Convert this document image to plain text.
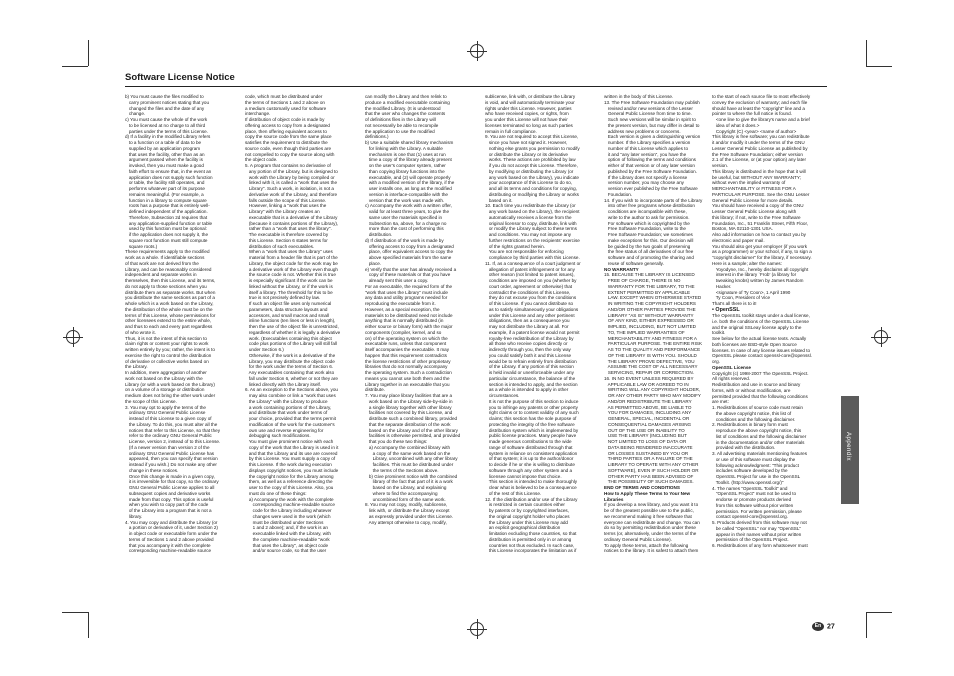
Software License Notice

b) You must cause the files modified to

carry prominent notices stating that you

changed the files and the date of any

change.

c) You must cause the whole of the work

to be licensed at no charge to all third

parties under the terms of this License.

d) If a facility in the modified Library refers

to a function or a table of data to be

supplied by an application program

that uses the facility, other than as an

argument passed when the facility is

invoked, then you must make a good

faith effort to ensure that, in the event an

application does not supply such function

or table, the facility still operates, and

performs whatever part of its purpose

remains meaningful. (For example, a

function in a library to compute square

roots has a purpose that is entirely well-

defined independent of the application.

Therefore, Subsection 2d requires that

any application-supplied function or table

used by this function must be optional:

if the application does not supply it, the

square root function must still compute

square roots.)

These requirements apply to the modified

work as a whole. If identifiable sections

of that work are not derived from the

Library, and can be reasonably considered

independent and separate works in

themselves, then this License, and its terms,

do not apply to those sections when you

distribute them as separate works. But when

you distribute the same sections as part of a

whole which is a work based on the Library,

the distribution of the whole must be on the

terms of this License, whose permissions for

other licensees extend to the entire whole,

and thus to each and every part regardless

of who wrote it.

Thus, it is not the intent of this section to

claim rights or contest your rights to work

written entirely by you; rather, the intent is to

exercise the right to control the distribution

of derivative or collective works based on

the Library.

In addition, mere aggregation of another

work not based on the Library with the

Library (or with a work based on the Library)

on a volume of a storage or distribution

medium does not bring the other work under

the scope of this License.

3. You may opt to apply the terms of the

ordinary GNU General Public License

instead of this License to a given copy of

the Library. To do this, you must alter all the

notices that refer to this License, so that they

refer to the ordinary GNU General Public

License, version 2, instead of to this License.

(If a newer version than version 2 of the

ordinary GNU General Public License has

appeared, then you can specify that version

instead if you wish.) Do not make any other

change in these notices.

Once this change is made in a given copy,

it is irreversible for that copy, so the ordinary

GNU General Public License applies to all

subsequent copies and derivative works

made from that copy. This option is useful

when you wish to copy part of the code

of the Library into a program that is not a

library.

4. You may copy and distribute the Library (or

a portion or derivative of it, under Section 2)

in object code or executable form under the

terms of Sections 1 and 2 above provided

that you accompany it with the complete

corresponding machine-readable source

code, which must be distributed under

the terms of Sections 1 and 2 above on

a medium customarily used for software

interchange.

If distribution of object code is made by

offering access to copy from a designated

place, then offering equivalent access to

copy the source code from the same place

satisfies the requirement to distribute the

source code, even though third parties are

not compelled to copy the source along with

the object code.

5. A program that contains no derivative of

any portion of the Library, but is designed to

work with the Library by being compiled or

linked with it, is called a "work that uses the

Library". Such a work, in isolation, is not a

derivative work of the Library, and therefore

falls outside the scope of this License.

However, linking a "work that uses the

Library" with the Library creates an

executable that is a derivative of the Library

(because it contains portions of the Library),

rather than a "work that uses the library".

The executable is therefore covered by

this License. Section 6 states terms for

distribution of such executables.

When a "work that uses the Library" uses

material from a header file that is part of the

Library, the object code for the work may be

a derivative work of the Library even though

the source code is not. Whether this is true

is especially significant if the work can be

linked without the Library, or if the work is

itself a library. The threshold for this to be

true is not precisely defined by law.

If such an object file uses only numerical

parameters, data structure layouts and

accessors, and small macros and small

inline functions (ten lines or less in length),

then the use of the object file is unrestricted,

regardless of whether it is legally a derivative

work. (Executables containing this object

code plus portions of the Library will still fall

under Section 6.)

Otherwise, if the work is a derivative of the

Library, you may distribute the object code

for the work under the terms of Section 6.

Any executables containing that work also

fall under Section 6, whether or not they are

linked directly with the Library itself.

6. As an exception to the Sections above, you

may also combine or link a "work that uses

the Library" with the Library to produce

a work containing portions of the Library,

and distribute that work under terms of

your choice, provided that the terms permit

modification of the work for the customer's

own use and reverse engineering for

debugging such modifications.

You must give prominent notice with each

copy of the work that the Library is used in it

and that the Library and its use are covered

by this License. You must supply a copy of

this License. If the work during execution

displays copyright notices, you must include

the copyright notice for the Library among

them, as well as a reference directing the

user to the copy of this License. Also, you

must do one of these things:

a) Accompany the work with the complete

corresponding machine-readable source

code for the Library including whatever

changes were used in the work (which

must be distributed under Sections

1 and 2 above); and, if the work is an

executable linked with the Library, with

the complete machine-readable "work

that uses the Library", as object code

and/or source code, so that the user

can modify the Library and then relink to

produce a modified executable containing

the modified Library. (It is understood

that the user who changes the contents

of definitions files in the Library will

not necessarily be able to recompile

the application to use the modified

definitions.)

b) Use a suitable shared library mechanism

for linking with the Library. A suitable

mechanism is one that (1) uses at run

time a copy of the library already present

on the user's computer system, rather

than copying library functions into the

executable, and (2) will operate properly

with a modified version of the library, if the

user installs one, as long as the modified

version is interface-compatible with the

version that the work was made with.

c) Accompany the work with a written offer,

valid for at least three years, to give the

same user the materials specified in

Subsection 6a, above, for a charge no

more than the cost of performing this

distribution.

d) If distribution of the work is made by

offering access to copy from a designated

place, offer equivalent access to copy the

above specified materials from the same

place.

e) Verify that the user has already received a

copy of these materials or that you have

already sent this user a copy.

For an executable, the required form of the

"work that uses the Library" must include

any data and utility programs needed for

reproducing the executable from it.

However, as a special exception, the

materials to be distributed need not include

anything that is normally distributed (in

either source or binary form) with the major

components (compiler, kernel, and so

on) of the operating system on which the

executable runs, unless that component

itself accompanies the executable. It may

happen that this requirement contradicts

the license restrictions of other proprietary

libraries that do not normally accompany

the operating system. Such a contradiction

means you cannot use both them and the

Library together in an executable that you

distribute.

7. You may place library facilities that are a

work based on the Library side-by-side in

a single library together with other library

facilities not covered by this License, and

distribute such a combined library, provided

that the separate distribution of the work

based on the Library and of the other library

facilities is otherwise permitted, and provided

that you do these two things:

a) Accompany the combined library with

a copy of the same work based on the

Library, uncombined with any other library

facilities. This must be distributed under

the terms of the Sections above.

b) Give prominent notice with the combined

library of the fact that part of it is a work

based on the Library, and explaining

where to find the accompanying

uncombined form of the same work.

8. You may not copy, modify, sublicense,

link with, or distribute the Library except

as expressly provided under this License.

Any attempt otherwise to copy, modify,

sublicense, link with, or distribute the Library

is void, and will automatically terminate your

rights under this License. However, parties

who have received copies, or rights, from

you under this License will not have their

licenses terminated so long as such parties

remain in full compliance.

9. You are not required to accept this License,

since you have not signed it. However,

nothing else grants you permission to modify

or distribute the Library or its derivative

works. These actions are prohibited by law

if you do not accept this License. Therefore,

by modifying or distributing the Library (or

any work based on the Library), you indicate

your acceptance of this License to do so,

and all its terms and conditions for copying,

distributing or modifying the Library or works

based on it.

10. Each time you redistribute the Library (or

any work based on the Library), the recipient

automatically receives a license from the

original licensor to copy, distribute, link with

or modify the Library subject to these terms

and conditions. You may not impose any

further restrictions on the recipients' exercise

of the rights granted herein.

You are not responsible for enforcing

compliance by third parties with this License.

11. If, as a consequence of a court judgment or

allegation of patent infringement or for any

other reason (not limited to patent issues),

conditions are imposed on you (whether by

court order, agreement or otherwise) that

contradict the conditions of this License,

they do not excuse you from the conditions

of this License. If you cannot distribute so

as to satisfy simultaneously your obligations

under this License and any other pertinent

obligations, then as a consequence you

may not distribute the Library at all. For

example, if a patent license would not permit

royalty-free redistribution of the Library by

all those who receive copies directly or

indirectly through you, then the only way

you could satisfy both it and this License

would be to refrain entirely from distribution

of the Library. If any portion of this section

is held invalid or unenforceable under any

particular circumstance, the balance of the

section is intended to apply, and the section

as a whole is intended to apply in other

circumstances.

It is not the purpose of this section to induce

you to infringe any patents or other property

right claims or to contest validity of any such

claims; this section has the sole purpose of

protecting the integrity of the free software

distribution system which is implemented by

public license practices. Many people have

made generous contributions to the wide

range of software distributed through that

system in reliance on consistent application

of that system; it is up to the author/donor

to decide if he or she is willing to distribute

software through any other system and a

licensee cannot impose that choice.

This section is intended to make thoroughly

clear what is believed to be a consequence

of the rest of this License.

12. If the distribution and/or use of the Library

is restricted in certain countries either

by patents or by copyrighted interfaces,

the original copyright holder who places

the Library under this License may add

an explicit geographical distribution

limitation excluding those countries, so that

distribution is permitted only in or among

countries not thus excluded. In such case,

this License incorporates the limitation as if

written in the body of this License.

13. The Free Software Foundation may publish

revised and/or new versions of the Lesser

General Public License from time to time.

Such new versions will be similar in spirit to

the present version, but may differ in detail to

address new problems or concerns.

Each version is given a distinguishing version

number. If the Library specifies a version

number of this License which applies to

it and "any later version", you have the

option of following the terms and conditions

either of that version or of any later version

published by the Free Software Foundation.

If the Library does not specify a license

version number, you may choose any

version ever published by the Free Software

Foundation.

14. If you wish to incorporate parts of the Library

into other free programs whose distribution

conditions are incompatible with these,

write to the author to ask for permission.

For software which is copyrighted by the

Free Software Foundation, write to the

Free Software Foundation; we sometimes

make exceptions for this. Our decision will

be guided by the two goals of preserving

the free status of all derivatives of our free

software and of promoting the sharing and

reuse of software generally.

NO WARRANTY

15. BECAUSE THE LIBRARY IS LICENSED

FREE OF CHARGE, THERE IS NO

WARRANTY FOR THE LIBRARY, TO THE

EXTENT PERMITTED BY APPLICABLE

LAW. EXCEPT WHEN OTHERWISE STATED

IN WRITING THE COPYRIGHT HOLDERS

AND/OR OTHER PARTIES PROVIDE THE

LIBRARY "AS IS" WITHOUT WARRANTY

OF ANY KIND, EITHER EXPRESSED OR

IMPLIED, INCLUDING, BUT NOT LIMITED

TO, THE IMPLIED WARRANTIES OF

MERCHANTABILITY AND FITNESS FOR A

PARTICULAR PURPOSE. THE ENTIRE RISK

AS TO THE QUALITY AND PERFORMANCE

OF THE LIBRARY IS WITH YOU. SHOULD

THE LIBRARY PROVE DEFECTIVE, YOU

ASSUME THE COST OF ALL NECESSARY

SERVICING, REPAIR OR CORRECTION.

16. IN NO EVENT UNLESS REQUIRED BY

APPLICABLE LAW OR AGREED TO IN

WRITING WILL ANY COPYRIGHT HOLDER,

OR ANY OTHER PARTY WHO MAY MODIFY

AND/OR REDISTRIBUTE THE LIBRARY

AS PERMITTED ABOVE, BE LIABLE TO

YOU FOR DAMAGES, INCLUDING ANY

GENERAL, SPECIAL, INCIDENTAL OR

CONSEQUENTIAL DAMAGES ARISING

OUT OF THE USE OR INABILITY TO

USE THE LIBRARY (INCLUDING BUT

NOT LIMITED TO LOSS OF DATA OR

DATA BEING RENDERED INACCURATE

OR LOSSES SUSTAINED BY YOU OR

THIRD PARTIES OR A FAILURE OF THE

LIBRARY TO OPERATE WITH ANY OTHER

SOFTWARE), EVEN IF SUCH HOLDER OR

OTHER PARTY HAS BEEN ADVISED OF

THE POSSIBILITY OF SUCH DAMAGES.

END OF TERMS AND CONDITIONS

How to Apply These Terms to Your New

Libraries

If you develop a new library, and you want it to

be of the greatest possible use to the public,

we recommend making it free software that

everyone can redistribute and change. You can

do so by permitting redistribution under these

terms (or, alternatively, under the terms of the

ordinary General Public License).

To apply these terms, attach the following

notices to the library. It is safest to attach them

to the start of each source file to most effectively

convey the exclusion of warranty; and each file

should have at least the "copyright" line and a

pointer to where the full notice is found.

<one line to give the library's name and a brief

idea of what it does.>

Copyright (C) <year> <name of author>

This library is free software; you can redistribute

it and/or modify it under the terms of the GNU

Lesser General Public License as published by

the Free Software Foundation; either version

2.1 of the License, or (at your option) any later

version.

This library is distributed in the hope that it will

be useful, but WITHOUT ANY WARRANTY;

without even the implied warranty of

MERCHANTABILITY or FITNESS FOR A

PARTICULAR PURPOSE. See the GNU Lesser

General Public License for more details.

You should have received a copy of the GNU

Lesser General Public License along with

this library; if not, write to the Free Software

Foundation, Inc., 51 Franklin Street, Fifth Floor,

Boston, MA 02110-1301 USA.

Also add information on how to contact you by

electronic and paper mail.

You should also get your employer (if you work

as a programmer) or your school, if any, to sign a

"copyright disclaimer" for the library, if necessary.

Here is a sample; alter the names:

Yoyodyne, Inc., hereby disclaims all copyright

interest in the library `Frob' (a library for

tweaking knobs) written by James Random

Hacker.

<signature of Ty Coon>, 1 April 1990

Ty Coon, President of Vice

That's all there is to it!

• OpenSSL

The OpenSSL toolkit stays under a dual license,

i.e. both the conditions of the OpenSSL License

and the original SSLeay license apply to the

toolkit.

See below for the actual license texts. Actually

both licenses are BSD-style Open Source

licenses. In case of any license issues related to

OpenSSL please contact openssl-core@openssl.

org.

OpenSSL License

Copyright (c) 1998-2007 The OpenSSL Project.

All rights reserved.

Redistribution and use in source and binary

forms, with or without modification, are

permitted provided that the following conditions

are met:

1. Redistributions of source code must retain

the above copyright notice, this list of

conditions and the following disclaimer.

2. Redistributions in binary form must

reproduce the above copyright notice, this

list of conditions and the following disclaimer

in the documentation and/or other materials

provided with the distribution.

3. All advertising materials mentioning features

or use of this software must display the

following acknowledgment: "This product

includes software developed by the

OpenSSL Project for use in the OpenSSL

Toolkit. (http://www.openssl.org/)"

4. The names "OpenSSL Toolkit" and

"OpenSSL Project" must not be used to

endorse or promote products derived

from this software without prior written

permission. For written permission, please

contact openssl-core@openssl.org.

5. Products derived from this software may not

be called "OpenSSL" nor may "OpenSSL"

appear in their names without prior written

permission of the OpenSSL Project.

6. Redistributions of any form whatsoever must

Appendix
En 27
